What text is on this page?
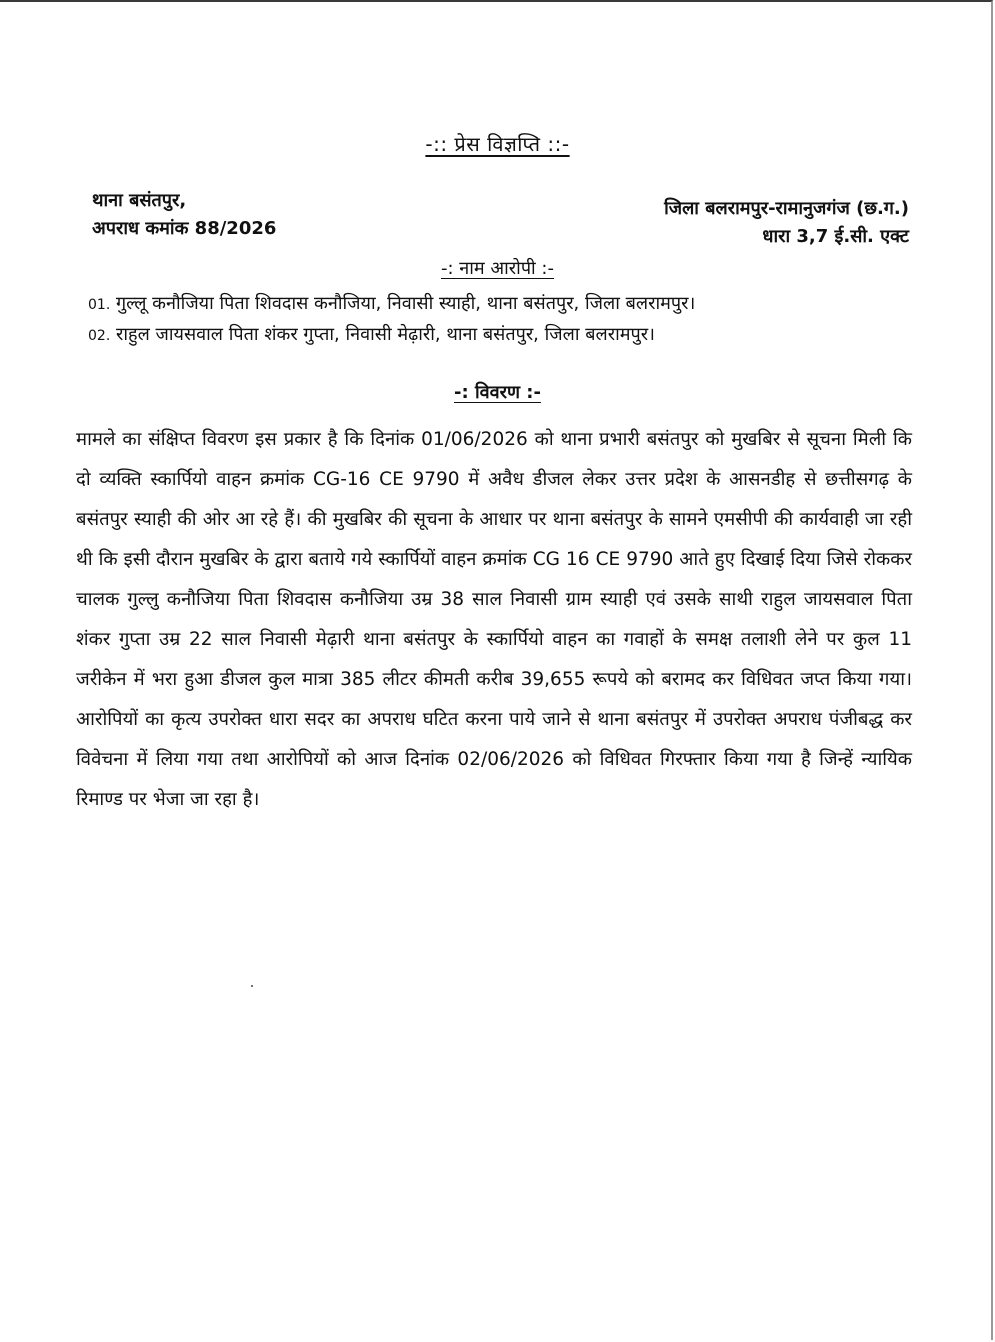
-:: प्रेस विज्ञप्ति ::-
थाना बसंतपुर,
अपराध कमांक 88/2026
जिला बलरामपुर-रामानुजगंज (छ.ग.)
धारा 3,7 ई.सी. एक्ट
-: नाम आरोपी :-
01. गुल्लू कनौजिया पिता शिवदास कनौजिया, निवासी स्याही, थाना बसंतपुर, जिला बलरामपुर।
02. राहुल जायसवाल पिता शंकर गुप्ता, निवासी मेढ़ारी, थाना बसंतपुर, जिला बलरामपुर।
-: विवरण :-
मामले का संक्षिप्त विवरण इस प्रकार है कि दिनांक 01/06/2026 को थाना प्रभारी बसंतपुर को मुखबिर से सूचना मिली कि दो व्यक्ति स्कार्पियो वाहन क्रमांक CG-16 CE 9790 में अवैध डीजल लेकर उत्तर प्रदेश के आसनडीह से छत्तीसगढ़ के बसंतपुर स्याही की ओर आ रहे हैं। की मुखबिर की सूचना के आधार पर थाना बसंतपुर के सामने एमसीपी की कार्यवाही जा रही थी कि इसी दौरान मुखबिर के द्वारा बताये गये स्कार्पियों वाहन क्रमांक CG 16 CE 9790 आते हुए दिखाई दिया जिसे रोककर चालक गुल्लु कनौजिया पिता शिवदास कनौजिया उम्र 38 साल निवासी ग्राम स्याही एवं उसके साथी राहुल जायसवाल पिता शंकर गुप्ता उम्र 22 साल निवासी मेढ़ारी थाना बसंतपुर के स्कार्पियो वाहन का गवाहों के समक्ष तलाशी लेने पर कुल 11 जरीकेन में भरा हुआ डीजल कुल मात्रा 385 लीटर कीमती करीब 39,655 रूपये को बरामद कर विधिवत जप्त किया गया। आरोपियों का कृत्य उपरोक्त धारा सदर का अपराध घटित करना पाये जाने से थाना बसंतपुर में उपरोक्त अपराध पंजीबद्ध कर विवेचना में लिया गया तथा आरोपियों को आज दिनांक 02/06/2026 को विधिवत गिरफ्तार किया गया है जिन्हें न्यायिक रिमाण्ड पर भेजा जा रहा है।
